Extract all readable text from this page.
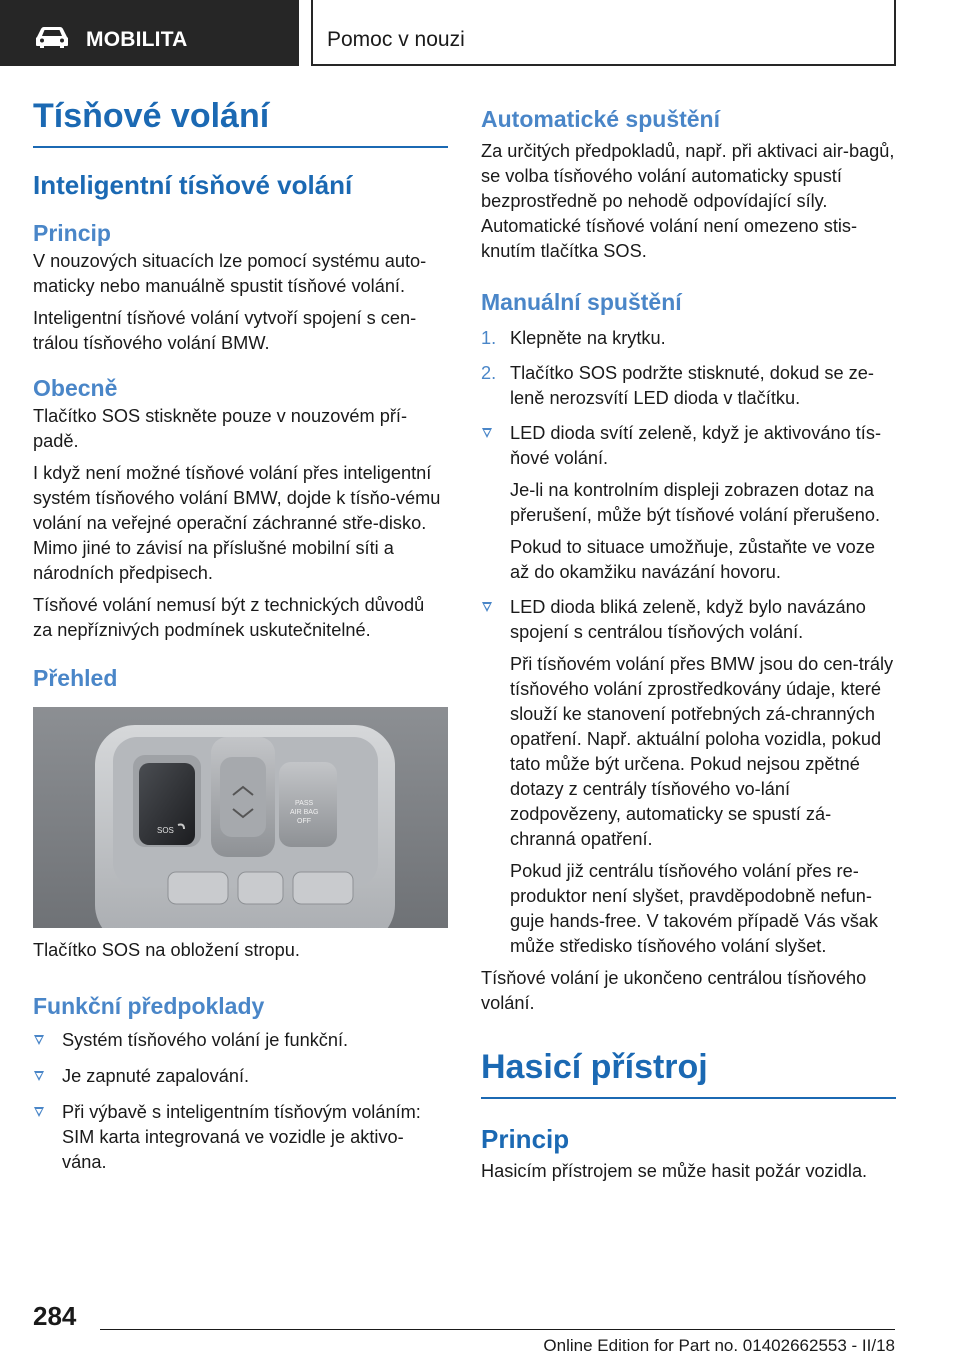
MOBILITA	Pomoc v nouzi
Tísňové volání
Inteligentní tísňové volání
Princip
V nouzových situacích lze pomocí systému auto-maticky nebo manuálně spustit tísňové volání.
Inteligentní tísňové volání vytvoří spojení s cen-trálou tísňového volání BMW.
Obecně
Tlačítko SOS stiskněte pouze v nouzovém pří-padě.
I když není možné tísňové volání přes inteligentní systém tísňového volání BMW, dojde k tísňo-vému volání na veřejné operační záchranné stře-disko. Mimo jiné to závisí na příslušné mobilní síti a národních předpisech.
Tísňové volání nemusí být z technických důvodů za nepříznivých podmínek uskutečnitelné.
Přehled
SOS
PASS
AIR BAG
OFF
Tlačítko SOS na obložení stropu.
Funkční předpoklady
Systém tísňového volání je funkční.
Je zapnuté zapalování.
Při výbavě s inteligentním tísňovým voláním: SIM karta integrovaná ve vozidle je aktivo-vána.
Automatické spuštění
Za určitých předpokladů, např. při aktivaci air-bagů, se volba tísňového volání automaticky spustí bezprostředně po nehodě odpovídající síly. Automatické tísňové volání není omezeno stis-knutím tlačítka SOS.
Manuální spuštění
1. Klepněte na krytku.
2. Tlačítko SOS podržte stisknuté, dokud se ze-leně nerozsvítí LED dioda v tlačítku.
LED dioda svítí zeleně, když je aktivováno tís-ňové volání.
Je-li na kontrolním displeji zobrazen dotaz na přerušení, může být tísňové volání přerušeno.
Pokud to situace umožňuje, zůstaňte ve voze až do okamžiku navázání hovoru.
LED dioda bliká zeleně, když bylo navázáno spojení s centrálou tísňových volání.
Při tísňovém volání přes BMW jsou do cen-trály tísňového volání zprostředkovány údaje, které slouží ke stanovení potřebných zá-chranných opatření. Např. aktuální poloha vozidla, pokud tato může být určena. Pokud nejsou zpětné dotazy z centrály tísňového vo-lání zodpovězeny, automaticky se spustí zá-chranná opatření.
Pokud již centrálu tísňového volání přes re-produktor není slyšet, pravděpodobně nefun-guje hands-free. V takovém případě Vás však může středisko tísňového volání slyšet.
Tísňové volání je ukončeno centrálou tísňového volání.
Hasicí přístroj
Princip
Hasicím přístrojem se může hasit požár vozidla.
284
Online Edition for Part no. 01402662553 - II/18
